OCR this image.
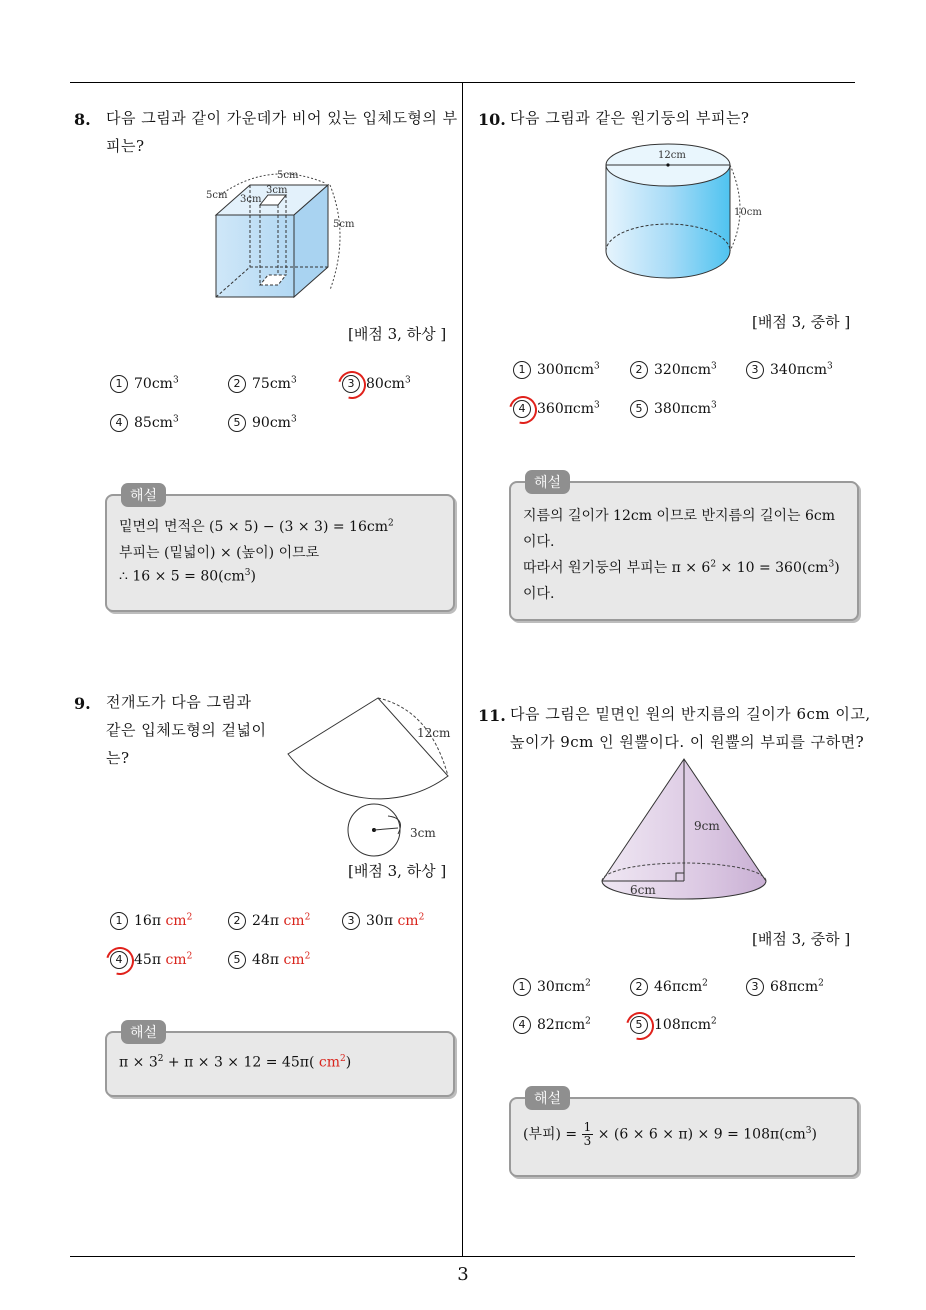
8. 다음 그림과 같이 가운데가 비어 있는 입체도형의 부
피는?
5cm
5cm 3cm
3cm
5cm
[배점 3, 하상 ]
1 $70cm^3$	2 $75cm^3$	3 $80cm^3$
4 $85cm^3$	5 $90cm^3$
해설
밑면의 면적은 $(5 \times 5) - (3 \times 3) = 16cm^2$
부피는 (밑넓이) × (높이) 이므로
∴ $16 \times 5 = 80(cm^3)$
9. 전개도가 다음 그림과
같은 입체도형의 겉넓이
는?
12cm
3cm
[배점 3, 하상 ]
1 16π $cm^2$	2 24π $cm^2$	3 30π $cm^2$
4 45π $cm^2$	5 48π $cm^2$
해설
$\pi \times 3^2 + \pi \times 3 \times 12 = 45\pi$( $cm^2$)
10. 다음 그림과 같은 원기둥의 부피는?
12cm
10cm
[배점 3, 중하 ]
1 300πcm$^3$	2 320πcm$^3$	3 340πcm$^3$
4 360πcm$^3$	5 380πcm$^3$
해설
지름의 길이가 12cm 이므로 반지름의 길이는 6cm
이다.
따라서 원기둥의 부피는 $\pi \times 6^2 \times 10 = 360(cm^3)$
이다.
11. 다음 그림은 밑면인 원의 반지름의 길이가 6cm 이고,
높이가 9cm 인 원뿔이다. 이 원뿔의 부피를 구하면?
9cm
6cm
[배점 3, 중하 ]
1 30πcm$^2$	2 46πcm$^2$	3 68πcm$^2$
4 82πcm$^2$	5 108πcm$^2$
해설
(부피) = $\frac{1}{3} \times (6 \times 6 \times \pi) \times 9 = 108\pi(cm^3)$
3
